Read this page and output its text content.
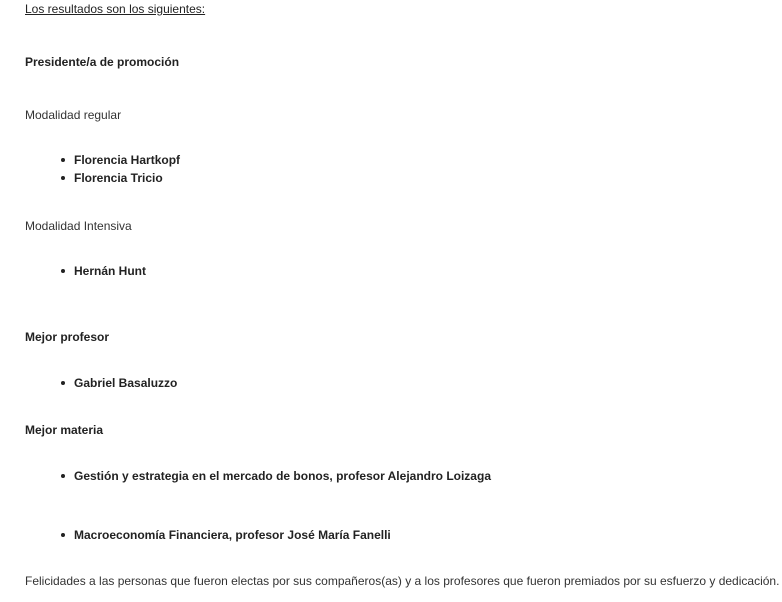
Los resultados son los siguientes:
Presidente/a de promoción
Modalidad regular
Florencia Hartkopf
Florencia Tricio
Modalidad Intensiva
Hernán Hunt
Mejor profesor
Gabriel Basaluzzo
Mejor materia
Gestión y estrategia en el mercado de bonos, profesor Alejandro Loizaga
Macroeconomía Financiera, profesor José María Fanelli
Felicidades a las personas que fueron electas por sus compañeros(as) y a los profesores que fueron premiados por su esfuerzo y dedicación.
